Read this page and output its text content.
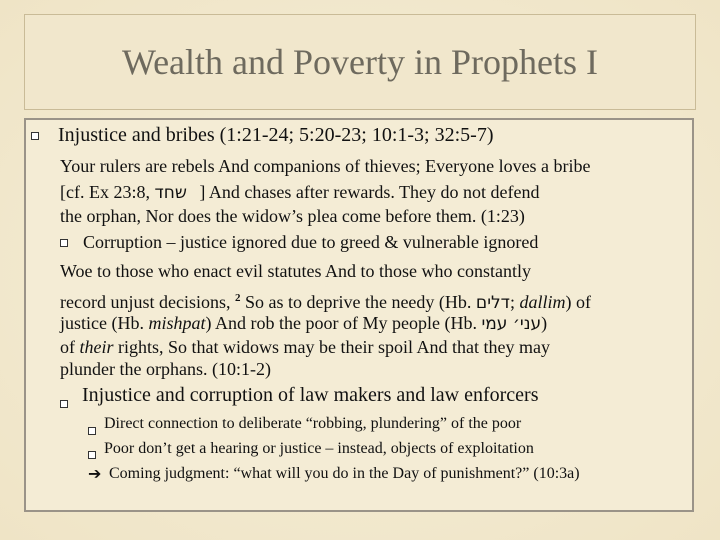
Wealth and Poverty in Prophets I
Injustice and bribes (1:21-24; 5:20-23; 10:1-3; 32:5-7)
Your rulers are rebels And companions of thieves; Everyone loves a bribe
[cf. Ex 23:8, שחד ] And chases after rewards. They do not defend
the orphan, Nor does the widow’s plea come before them. (1:23)
Corruption – justice ignored due to greed & vulnerable ignored
Woe to those who enact evil statutes And to those who constantly
record unjust decisions, $^2$ So as to deprive the needy (Hb. דלים; dallim) of
justice (Hb. mishpat) And rob the poor of My people (Hb. עני׳ עמי)
of their rights, So that widows may be their spoil And that they may
plunder the orphans. (10:1-2)
Injustice and corruption of law makers and law enforcers
Direct connection to deliberate “robbing, plundering” of the poor
Poor don’t get a hearing or justice – instead, objects of exploitation
➔ Coming judgment: “what will you do in the Day of punishment?” (10:3a)
